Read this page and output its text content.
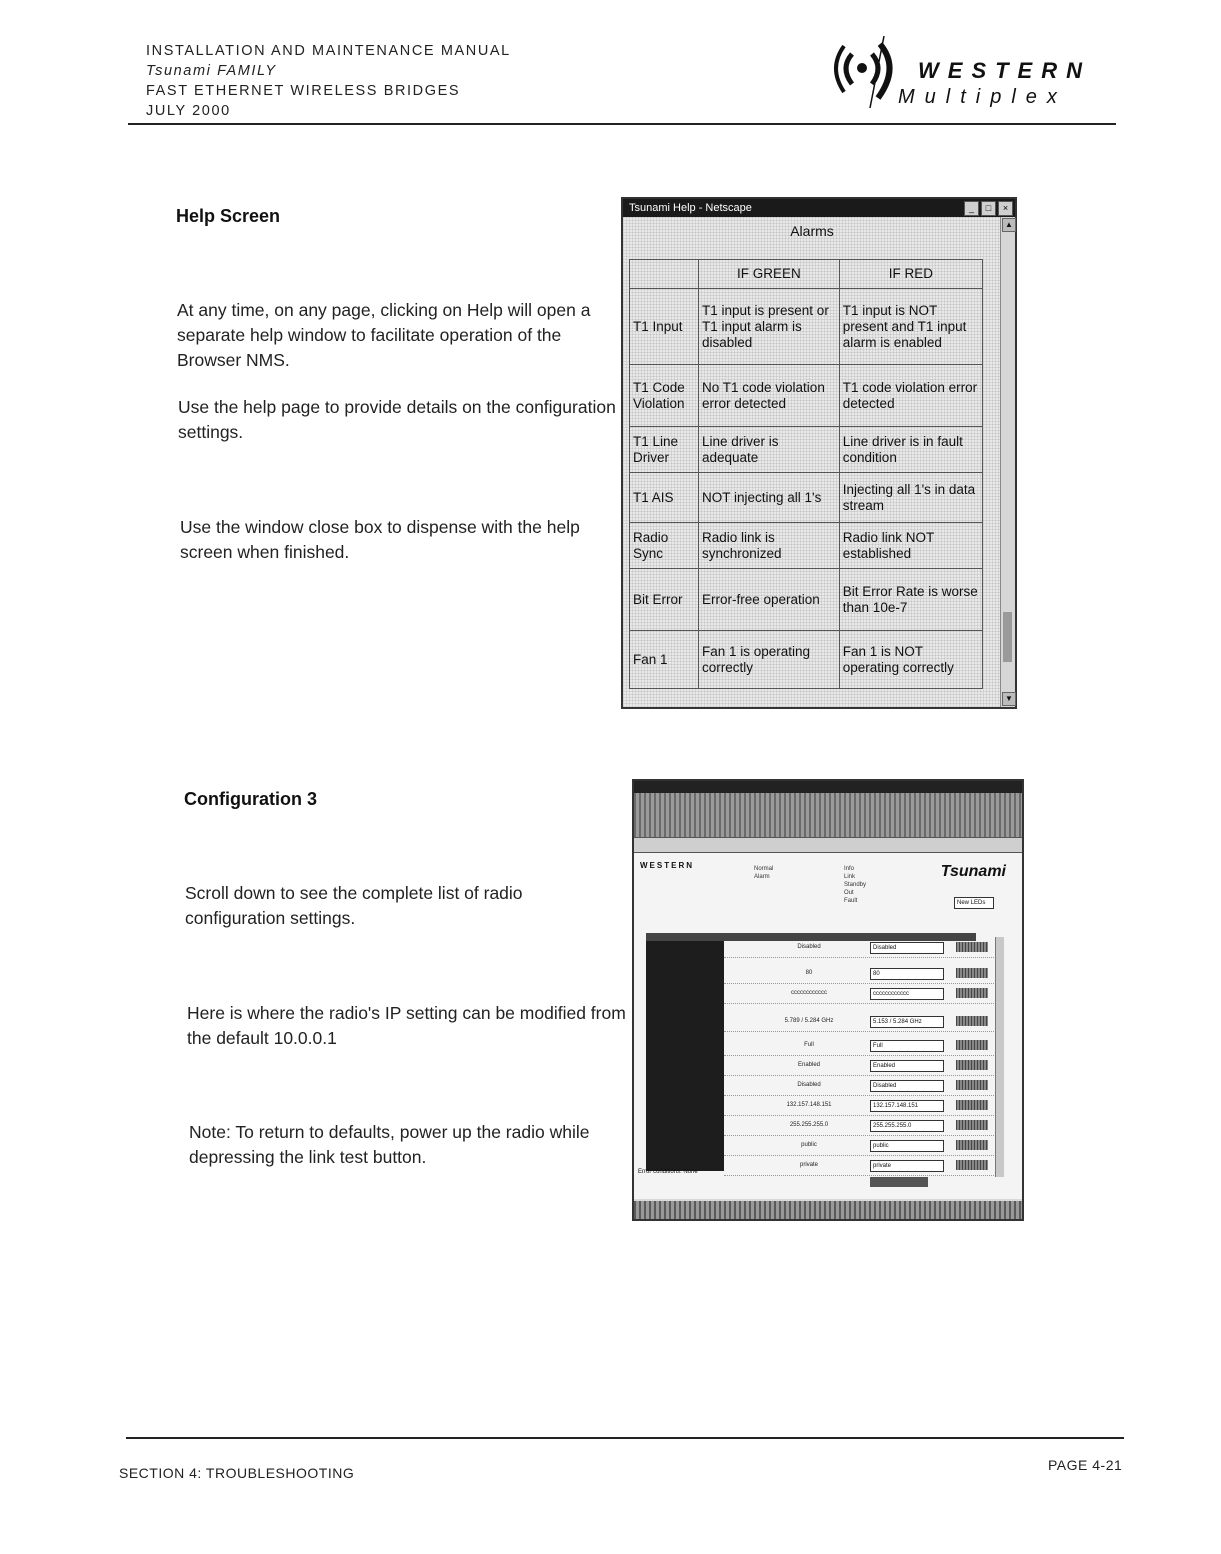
INSTALLATION AND MAINTENANCE MANUAL
Tsunami FAMILY
FAST ETHERNET WIRELESS BRIDGES
JULY 2000
WESTERN
Multiplex
Help Screen
At any time, on any page, clicking on Help will open a separate help window to facilitate operation of the Browser NMS.
Use the help page to provide details on the configuration settings.
Use the window close box to dispense with the help screen when finished.
Tsunami Help - Netscape	_	□	×
Alarms
	IF GREEN	IF RED
T1 Input	T1 input is present or T1 input alarm is disabled	T1 input is NOT present and T1 input alarm is enabled
T1 Code Violation	No T1 code violation error detected	T1 code violation error detected
T1 Line Driver	Line driver is adequate	Line driver is in fault condition
T1 AIS	NOT injecting all 1's	Injecting all 1's in data stream
Radio Sync	Radio link is synchronized	Radio link NOT established
Bit Error	Error-free operation	Bit Error Rate is worse than 10e-7
Fan 1	Fan 1 is operating correctly	Fan 1 is NOT operating correctly
▲
▼
Configuration 3
Scroll down to see the complete list of radio configuration settings.
Here is where the radio's IP setting can be modified from the default 10.0.0.1
Note: To return to defaults, power up the radio while depressing the link test button.
WESTERN	Normal
Alarm
Info
Link
Standby
Out
Fault
Tsunami
New LEDs
Disabled	Disabled
80	80
cccccccccccc	cccccccccccc
5.789 / 5.284 GHz	5.153 / 5.284 GHz
Full	Full
Enabled	Enabled
Disabled	Disabled
132.157.148.151	132.157.148.151
255.255.255.0	255.255.255.0
public	public
private	private
Error conditions: None
SECTION 4: TROUBLESHOOTING	PAGE 4-21
